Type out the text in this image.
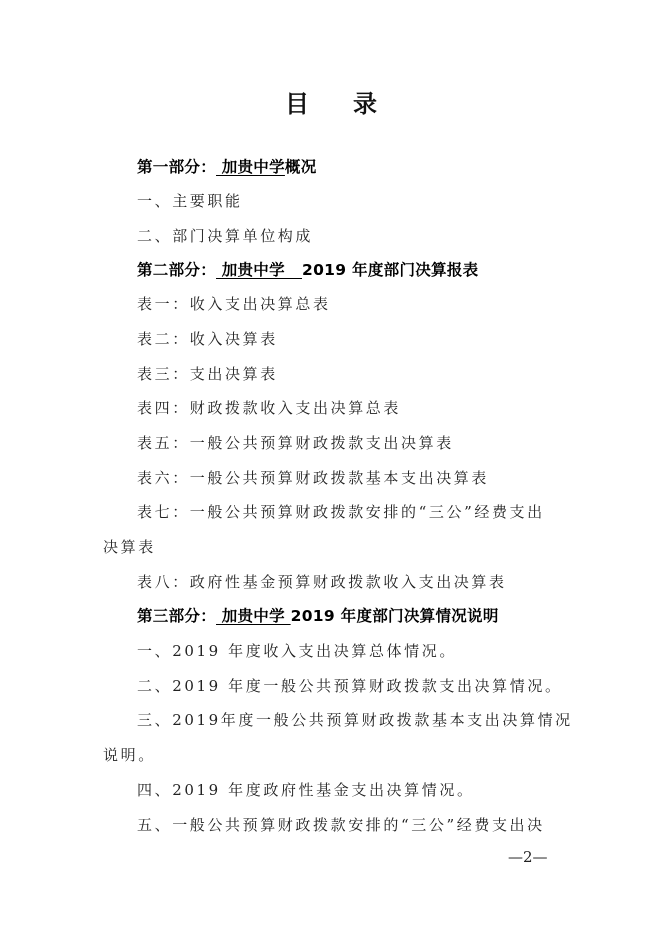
目录
第一部分： 加贵中学概况
一、主要职能
二、部门决算单位构成
第二部分： 加贵中学   2019 年度部门决算报表
表一：收入支出决算总表
表二：收入决算表
表三：支出决算表
表四：财政拨款收入支出决算总表
表五：一般公共预算财政拨款支出决算表
表六：一般公共预算财政拨款基本支出决算表
表七：一般公共预算财政拨款安排的“三公”经费支出
决算表
表八：政府性基金预算财政拨款收入支出决算表
第三部分： 加贵中学 2019 年度部门决算情况说明
一、2019 年度收入支出决算总体情况。
二、2019 年度一般公共预算财政拨款支出决算情况。
三、2019年度一般公共预算财政拨款基本支出决算情况
说明。
四、2019 年度政府性基金支出决算情况。
五、一般公共预算财政拨款安排的“三公”经费支出决
—2—
